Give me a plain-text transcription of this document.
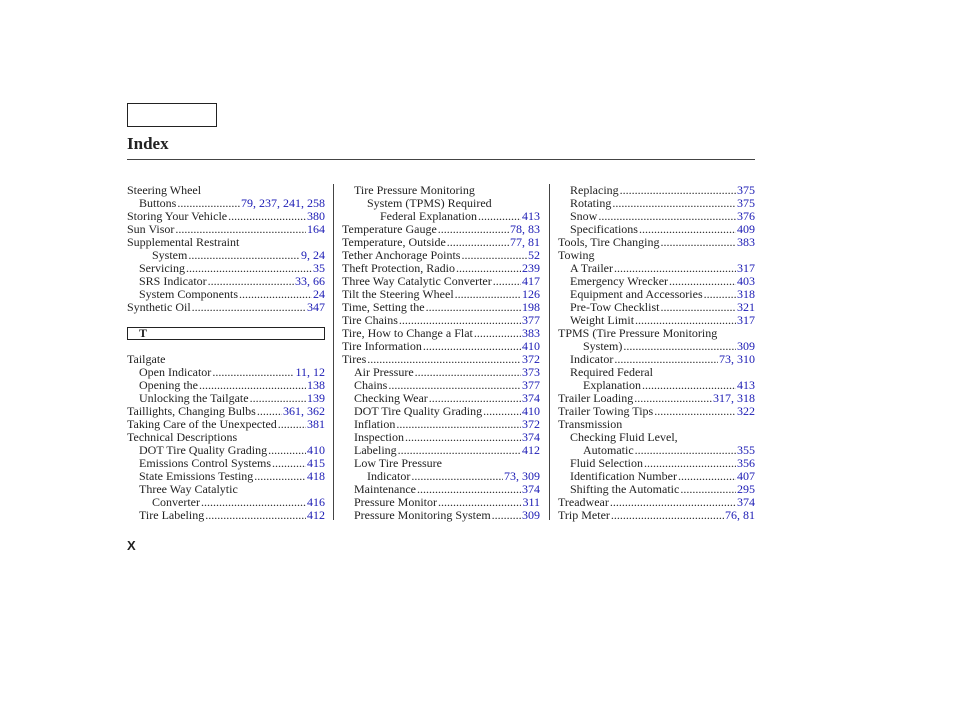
Index
Steering Wheel
Buttons .....	79, 237, 241, 258
Storing Your Vehicle .....	380
Sun Visor .....	164
Supplemental Restraint
System .....	9, 24
Servicing .....	35
SRS Indicator .....	33, 66
System Components .....	24
Synthetic Oil .....	347
T
Tailgate
Open Indicator .....	11, 12
Opening the .....	138
Unlocking the Tailgate .....	139
Taillights, Changing Bulbs ..... 361, 362
Taking Care of the Unexpected .....	381
Technical Descriptions
DOT Tire Quality Grading .....	410
Emissions Control Systems .....	415
State Emissions Testing .....	418
Three Way Catalytic
Converter .....	416
Tire Labeling .....	412
Tire Pressure Monitoring
System (TPMS) Required
Federal Explanation .....	413
Temperature Gauge .....	78, 83
Temperature, Outside .....	77, 81
Tether Anchorage Points .....	52
Theft Protection, Radio .....	239
Three Way Catalytic Converter .....	417
Tilt the Steering Wheel .....	126
Time, Setting the .....	198
Tire Chains .....	377
Tire, How to Change a Flat .....	383
Tire Information .....	410
Tires .....	372
Air Pressure .....	373
Chains .....	377
Checking Wear .....	374
DOT Tire Quality Grading .....	410
Inflation .....	372
Inspection .....	374
Labeling .....	412
Low Tire Pressure
Indicator .....	73, 309
Maintenance .....	374
Pressure Monitor .....	311
Pressure Monitoring System .....	309
Replacing .....	375
Rotating .....	375
Snow .....	376
Specifications .....	409
Tools, Tire Changing .....	383
Towing
A Trailer .....	317
Emergency Wrecker .....	403
Equipment and Accessories .....	318
Pre-Tow Checklist .....	321
Weight Limit .....	317
TPMS (Tire Pressure Monitoring
System) .....	309
Indicator .....	73, 310
Required Federal
Explanation .....	413
Trailer Loading .....	317, 318
Trailer Towing Tips .....	322
Transmission
Checking Fluid Level,
Automatic .....	355
Fluid Selection .....	356
Identification Number .....	407
Shifting the Automatic .....	295
Treadwear .....	374
Trip Meter .....	76, 81
X
